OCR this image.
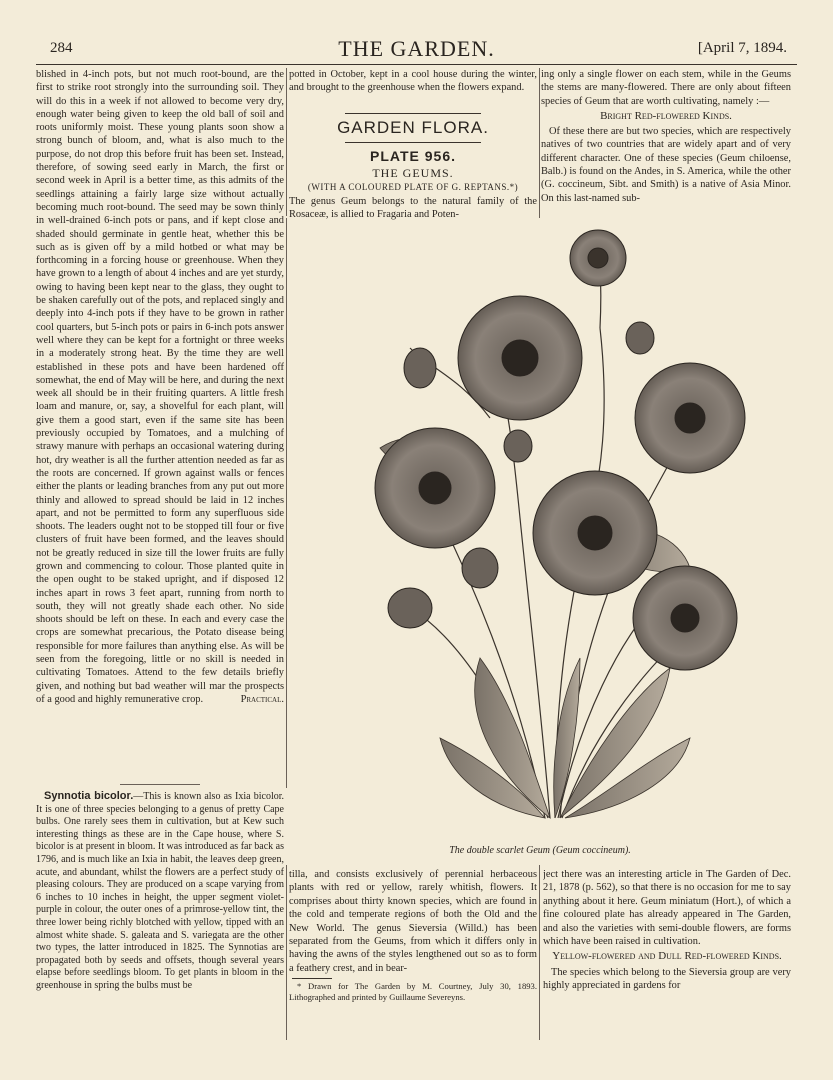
284	THE GARDEN.	[April 7, 1894.

blished in 4-inch pots, but not much root-bound, are the first to strike root strongly into the surrounding soil. They will do this in a week if not allowed to become very dry, enough water being given to keep the old ball of soil and roots uniformly moist. These young plants soon show a strong bunch of bloom, and, what is also much to the purpose, do not drop this before fruit has been set. Instead, therefore, of sowing seed early in March, the first or second week in April is a better time, as this admits of the seedlings attaining a fairly large size without actually becoming much root-bound. The seed may be sown thinly in well-drained 6-inch pots or pans, and if kept close and shaded should germinate in gentle heat, whether this be such as is given off by a mild hotbed or what may be forthcoming in a forcing house or greenhouse. When they have grown to a length of about 4 inches and are yet sturdy, owing to having been kept near to the glass, they ought to be shaken carefully out of the pots, and replaced singly and deeply into 4-inch pots if they have to be grown in rather cool quarters, but 5-inch pots or pairs in 6-inch pots answer well where they can be kept for a fortnight or three weeks in a moderately strong heat. By the time they are well established in these pots and have been hardened off somewhat, the end of May will be here, and during the next week all should be in their fruiting quarters. A little fresh loam and manure, or, say, a shovelful for each plant, will give them a good start, even if the same site has been previously occupied by Tomatoes, and a mulching of strawy manure with perhaps an occasional watering during hot, dry weather is all the further attention needed as far as the roots are concerned. If grown against walls or fences either the plants or leading branches from any put out more thinly and allowed to spread should be laid in 12 inches apart, and not be permitted to form any superfluous side shoots. The leaders ought not to be stopped till four or five clusters of fruit have been formed, and the leaves should not be greatly reduced in size till the lower fruits are fully grown and commencing to colour. Those planted quite in the open ought to be staked upright, and if disposed 12 inches apart in rows 3 feet apart, running from north to south, they will not greatly shade each other. No side shoots should be left on these. In each and every case the crops are somewhat precarious, the Potato disease being responsible for more failures than anything else. As will be seen from the foregoing, little or no skill is needed in cultivating Tomatoes. Attend to the few details briefly given, and nothing but bad weather will mar the prospects of a good and highly remunerative crop.	Practical.

Synnotia bicolor.—This is known also as Ixia bicolor. It is one of three species belonging to a genus of pretty Cape bulbs. One rarely sees them in cultivation, but at Kew such interesting things as these are in the Cape house, where S. bicolor is at present in bloom. It was introduced as far back as 1796, and is much like an Ixia in habit, the leaves deep green, acute, and abundant, whilst the flowers are a perfect study of pleasing colours. They are produced on a scape varying from 6 inches to 10 inches in height, the upper segment violet-purple in colour, the outer ones of a primrose-yellow tint, the three lower being richly blotched with yellow, tipped with an almost white shade. S. galeata and S. variegata are the other two types, the latter introduced in 1825. The Synnotias are propagated both by seeds and offsets, though several years elapse before seedlings bloom. To get plants in bloom in the greenhouse in spring the bulbs must be

potted in October, kept in a cool house during the winter, and brought to the greenhouse when the flowers expand.

GARDEN FLORA.
PLATE 956.
THE GEUMS.
(WITH A COLOURED PLATE OF G. REPTANS.*)

The genus Geum belongs to the natural family of the Rosaceæ, is allied to Fragaria and Poten-

ing only a single flower on each stem, while in the Geums the stems are many-flowered. There are only about fifteen species of Geum that are worth cultivating, namely :—

Bright Red-flowered Kinds.

Of these there are but two species, which are respectively natives of two countries that are widely apart and of very different character. One of these species (Geum chiloense, Balb.) is found on the Andes, in S. America, while the other (G. coccineum, Sibt. and Smith) is a native of Asia Minor. On this last-named sub-

The double scarlet Geum (Geum coccineum).

tilla, and consists exclusively of perennial herbaceous plants with red or yellow, rarely whitish, flowers. It comprises about thirty known species, which are found in the cold and temperate regions of both the Old and the New World. The genus Sieversia (Willd.) has been separated from the Geums, from which it differs only in having the awns of the styles lengthened out so as to form a feathery crest, and in bear-

* Drawn for The Garden by M. Courtney, July 30, 1893. Lithographed and printed by Guillaume Severeyns.

ject there was an interesting article in The Garden of Dec. 21, 1878 (p. 562), so that there is no occasion for me to say anything about it here. Geum miniatum (Hort.), of which a fine coloured plate has already appeared in The Garden, and also the varieties with semi-double flowers, are forms which have been raised in cultivation.

Yellow-flowered and Dull Red-flowered Kinds.

The species which belong to the Sieversia group are very highly appreciated in gardens for
